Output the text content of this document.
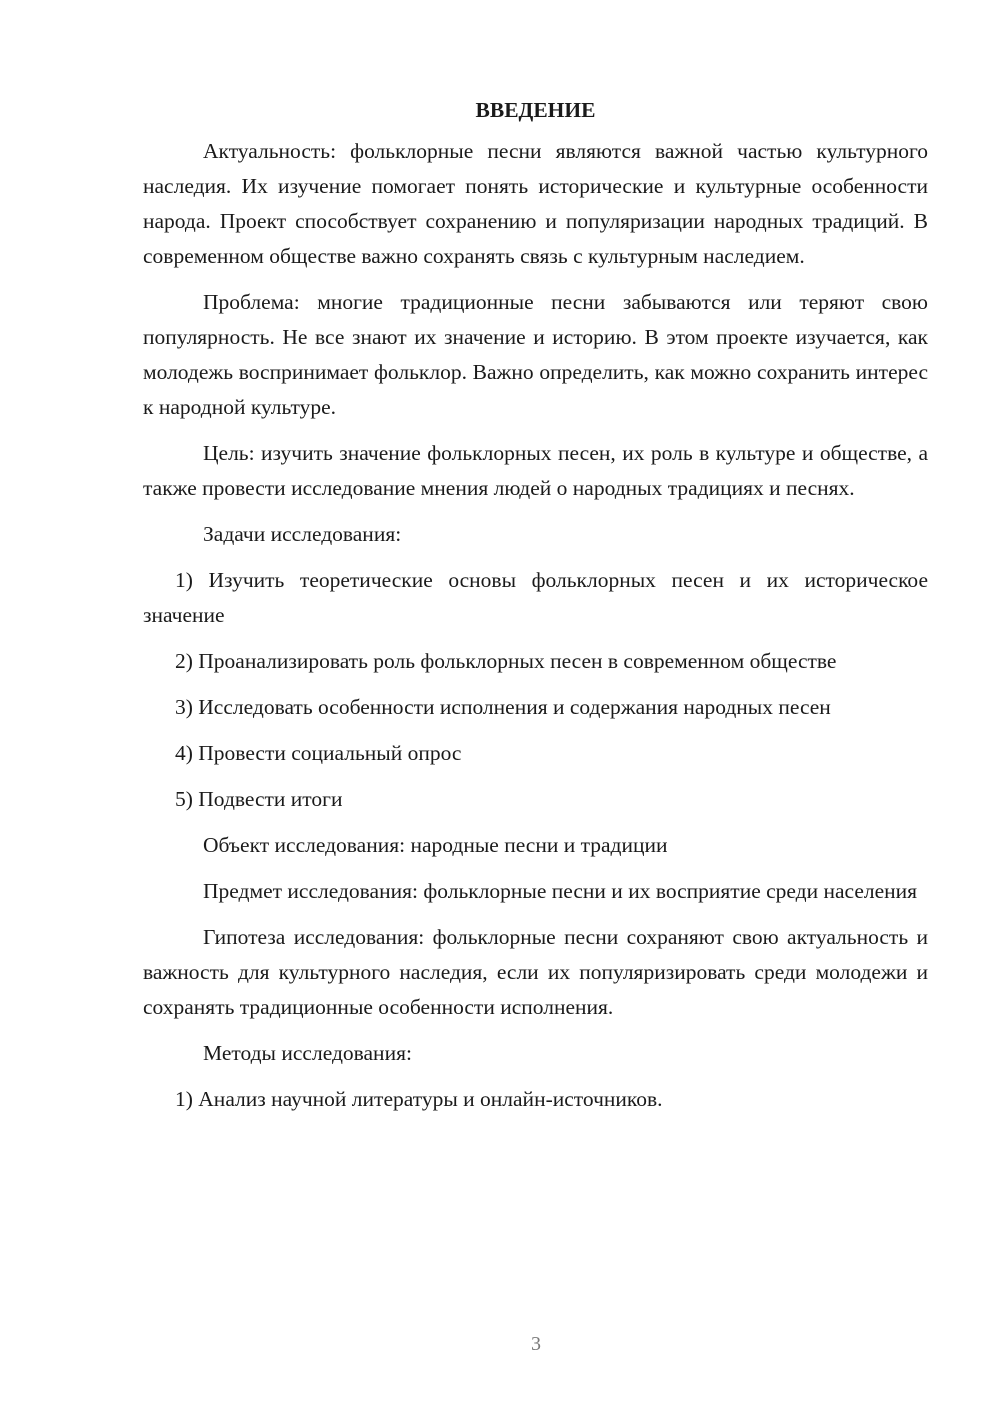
ВВЕДЕНИЕ
Актуальность: фольклорные песни являются важной частью культурного наследия. Их изучение помогает понять исторические и культурные особенности народа. Проект способствует сохранению и популяризации народных традиций. В современном обществе важно сохранять связь с культурным наследием.
Проблема: многие традиционные песни забываются или теряют свою популярность. Не все знают их значение и историю. В этом проекте изучается, как молодежь воспринимает фольклор. Важно определить, как можно сохранить интерес к народной культуре.
Цель: изучить значение фольклорных песен, их роль в культуре и обществе, а также провести исследование мнения людей о народных традициях и песнях.
Задачи исследования:
1) Изучить теоретические основы фольклорных песен и их историческое значение
2) Проанализировать роль фольклорных песен в современном обществе
3) Исследовать особенности исполнения и содержания народных песен
4) Провести социальный опрос
5) Подвести итоги
Объект исследования: народные песни и традиции
Предмет исследования: фольклорные песни и их восприятие среди населения
Гипотеза исследования: фольклорные песни сохраняют свою актуальность и важность для культурного наследия, если их популяризировать среди молодежи и сохранять традиционные особенности исполнения.
Методы исследования:
1) Анализ научной литературы и онлайн-источников.
3
